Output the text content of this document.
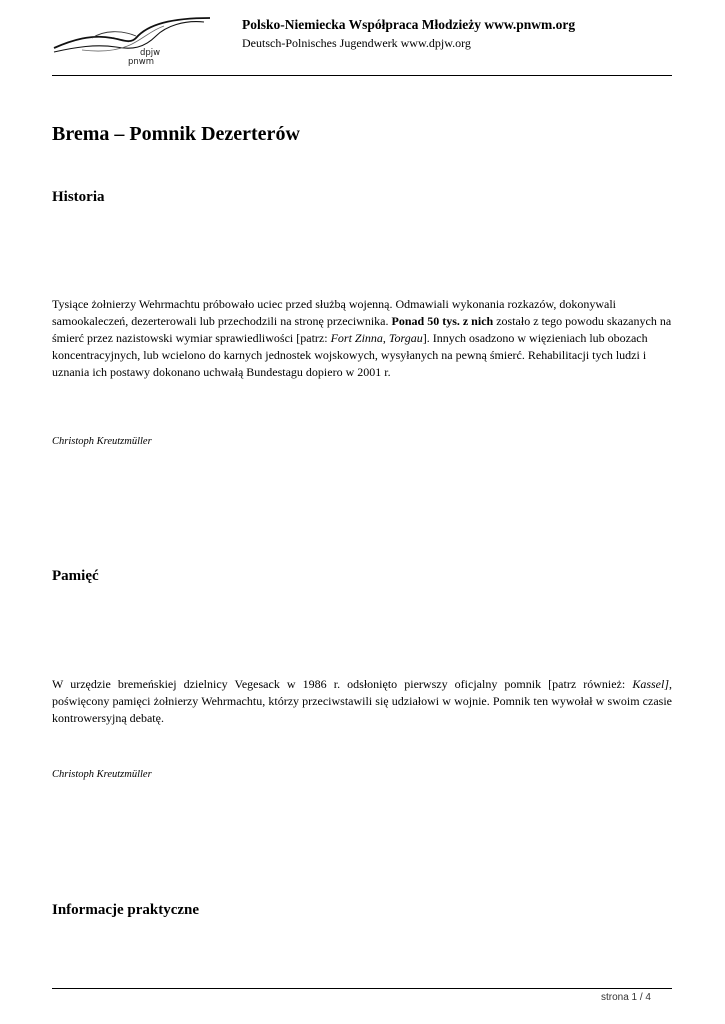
dpjw
pnwm
Polsko-Niemiecka Współpraca Młodzieży www.pnwm.org
Deutsch-Polnisches Jugendwerk www.dpjw.org
Brema – Pomnik Dezerterów
Historia

Tysiące żołnierzy Wehrmachtu próbowało uciec przed służbą wojenną. Odmawiali wykonania rozkazów, dokonywali samookaleczeń, dezerterowali lub przechodzili na stronę przeciwnika. Ponad 50 tys. z nich zostało z tego powodu skazanych na śmierć przez nazistowski wymiar sprawiedliwości [patrz: Fort Zinna, Torgau]. Innych osadzono w więzieniach lub obozach koncentracyjnych, lub wcielono do karnych jednostek wojskowych, wysyłanych na pewną śmierć. Rehabilitacji tych ludzi i uznania ich postawy dokonano uchwałą Bundestagu dopiero w 2001 r.

Christoph Kreutzmüller

Pamięć

W urzędzie bremeńskiej dzielnicy Vegesack w 1986 r. odsłonięto pierwszy oficjalny pomnik [patrz również: Kassel], poświęcony pamięci żołnierzy Wehrmachtu, którzy przeciwstawili się udziałowi w wojnie. Pomnik ten wywołał w swoim czasie kontrowersyjną debatę.

Christoph Kreutzmüller

Informacje praktyczne
strona 1 / 4
